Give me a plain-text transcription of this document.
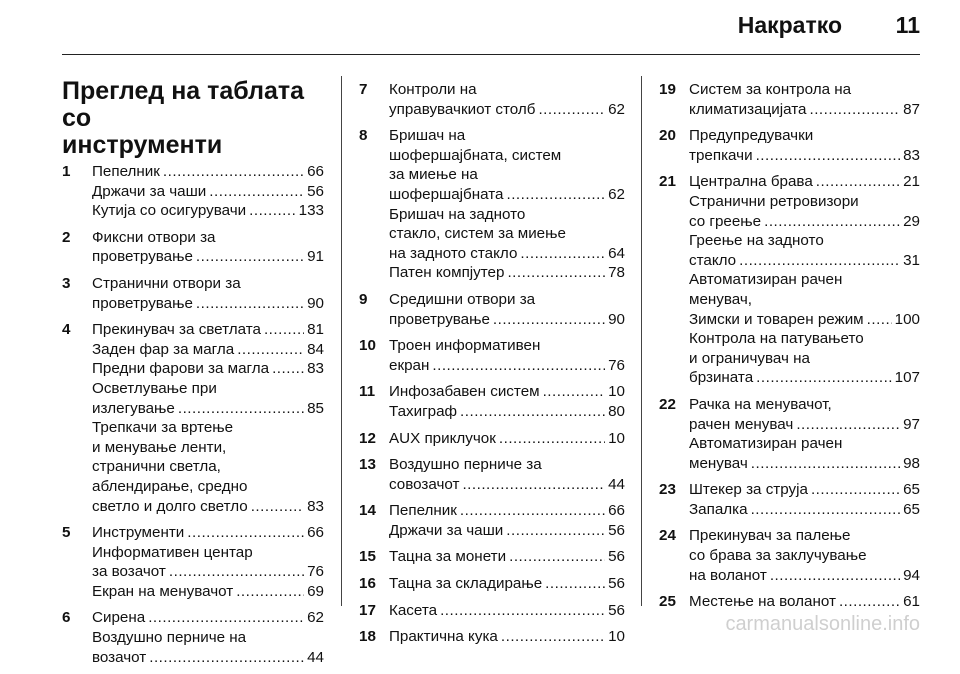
Накратко 11
Преглед на таблата со
инструменти
1 Пепелник .....	66
Држачи за чаши .....	56
Кутија со осигурувачи .....	133
2 Фиксни отвори за
проветрување .....	91
3 Странични отвори за
проветрување .....	90
4 Прекинувач за светлата .....	81
Заден фар за магла .....	84
Предни фарови за магла .....	83
Осветлување при
излегување .....	85
Трепкачи за вртење
и менување ленти,
странични светла,
аблендирање, средно
светло и долго светло .....	83
5 Инструменти .....	66
Информативен центар
за возачот .....	76
Екран на менувачот .....	69
6 Сирена .....	62
Воздушно перниче на
возачот .....	44
7 Контроли на
управувачкиот столб .....	62
8 Бришач на
шофершајбната, систем
за миење на
шофершајбната .....	62
Бришач на задното
стакло, систем за миење
на задното стакло .....	64
Патен компјутер .....	78
9 Средишни отвори за
проветрување .....	90
10 Троен информативен
екран .....	76
11 Инфозабавен систем .....	10
Тахиграф .....	80
12 AUX приклучок .....	10
13 Воздушно перниче за
совозачот .....	44
14 Пепелник .....	66
Држачи за чаши .....	56
15 Тацна за монети .....	56
16 Тацна за складирање .....	56
17 Касета .....	56
18 Практична кука .....	10
19 Систем за контрола на
климатизацијата .....	87
20 Предупредувачки
трепкачи .....	83
21 Централна брава .....	21
Странични ретровизори
со греење .....	29
Греење на задното
стакло .....	31
Автоматизиран рачен
менувач,
Зимски и товарен режим ..... 100
Контрола на патувањето
и ограничувач на
брзината .....	107
22 Рачка на менувачот,
рачен менувач .....	97
Автоматизиран рачен
менувач .....	98
23 Штекер за струја .....	65
Запалка .....	65
24 Прекинувач за палење
со брава за заклучување
на воланот .....	94
25 Местење на воланот .....	61
carmanualsonline.info
